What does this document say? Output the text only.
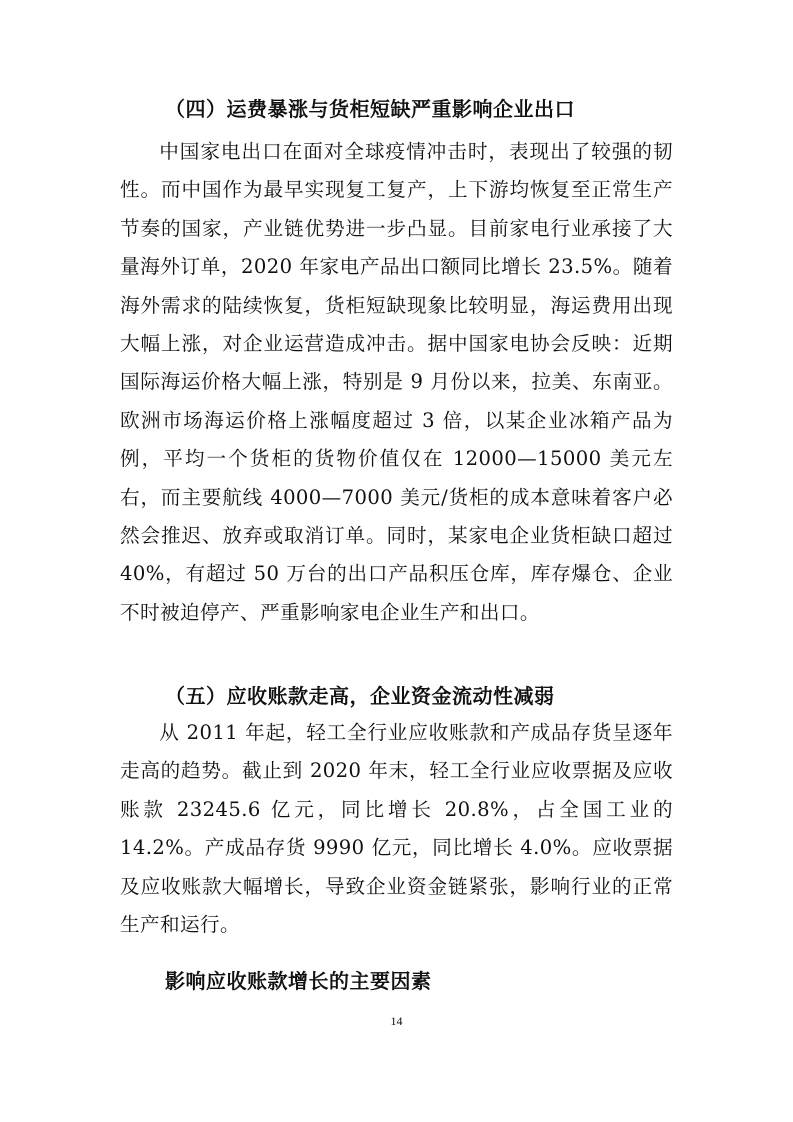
（四）运费暴涨与货柜短缺严重影响企业出口

中国家电出口在面对全球疫情冲击时，表现出了较强的韧性。而中国作为最早实现复工复产，上下游均恢复至正常生产节奏的国家，产业链优势进一步凸显。目前家电行业承接了大量海外订单，2020 年家电产品出口额同比增长 23.5%。随着海外需求的陆续恢复，货柜短缺现象比较明显，海运费用出现大幅上涨，对企业运营造成冲击。据中国家电协会反映：近期国际海运价格大幅上涨，特别是 9 月份以来，拉美、东南亚。欧洲市场海运价格上涨幅度超过 3 倍，以某企业冰箱产品为例，平均一个货柜的货物价值仅在 12000—15000 美元左右，而主要航线 4000—7000 美元/货柜的成本意味着客户必然会推迟、放弃或取消订单。同时，某家电企业货柜缺口超过 40%，有超过 50 万台的出口产品积压仓库，库存爆仓、企业不时被迫停产、严重影响家电企业生产和出口。

（五）应收账款走高，企业资金流动性减弱

从 2011 年起，轻工全行业应收账款和产成品存货呈逐年走高的趋势。截止到 2020 年末，轻工全行业应收票据及应收账款 23245.6 亿元，同比增长 20.8%，占全国工业的 14.2%。产成品存货 9990 亿元，同比增长 4.0%。应收票据及应收账款大幅增长，导致企业资金链紧张，影响行业的正常生产和运行。

影响应收账款增长的主要因素
14
